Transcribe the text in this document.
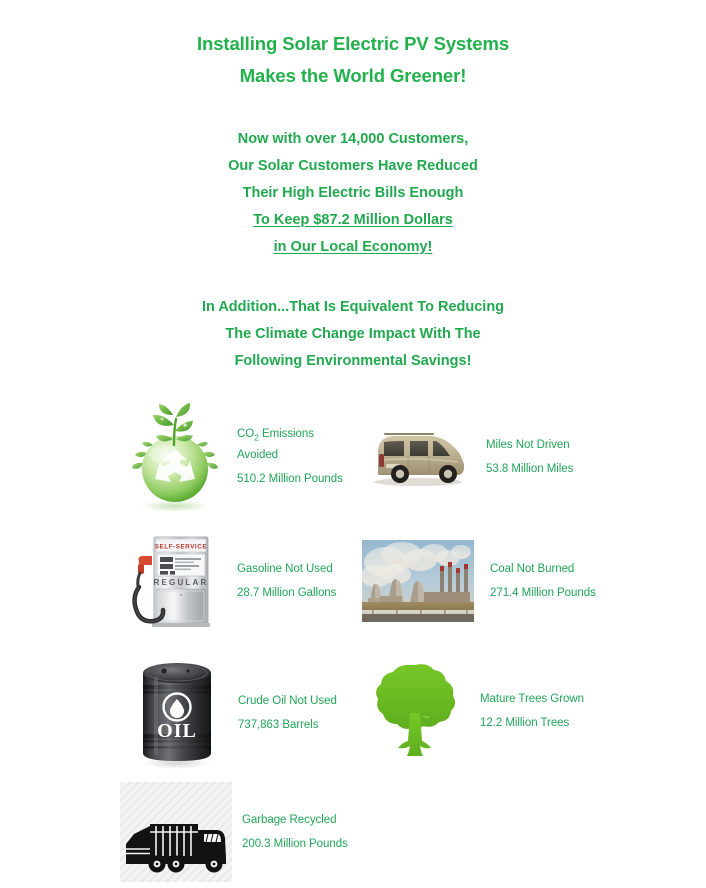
Installing Solar Electric PV Systems
Makes the World Greener!
Now with over 14,000 Customers,
Our Solar Customers Have Reduced
Their High Electric Bills Enough
To Keep $87.2 Million Dollars
in Our Local Economy!
In Addition...That Is Equivalent To Reducing
The Climate Change Impact With The
Following Environmental Savings!
$CO_2$ Emissions Avoided
510.2 Million Pounds
Miles Not Driven
53.8 Million Miles
SELF-SERVICE
REGULAR
Gasoline Not Used
28.7 Million Gallons
Coal Not Burned
271.4 Million Pounds
OIL
Crude Oil Not Used
737,863 Barrels
Mature Trees Grown
12.2 Million Trees
Garbage Recycled
200.3 Million Pounds
